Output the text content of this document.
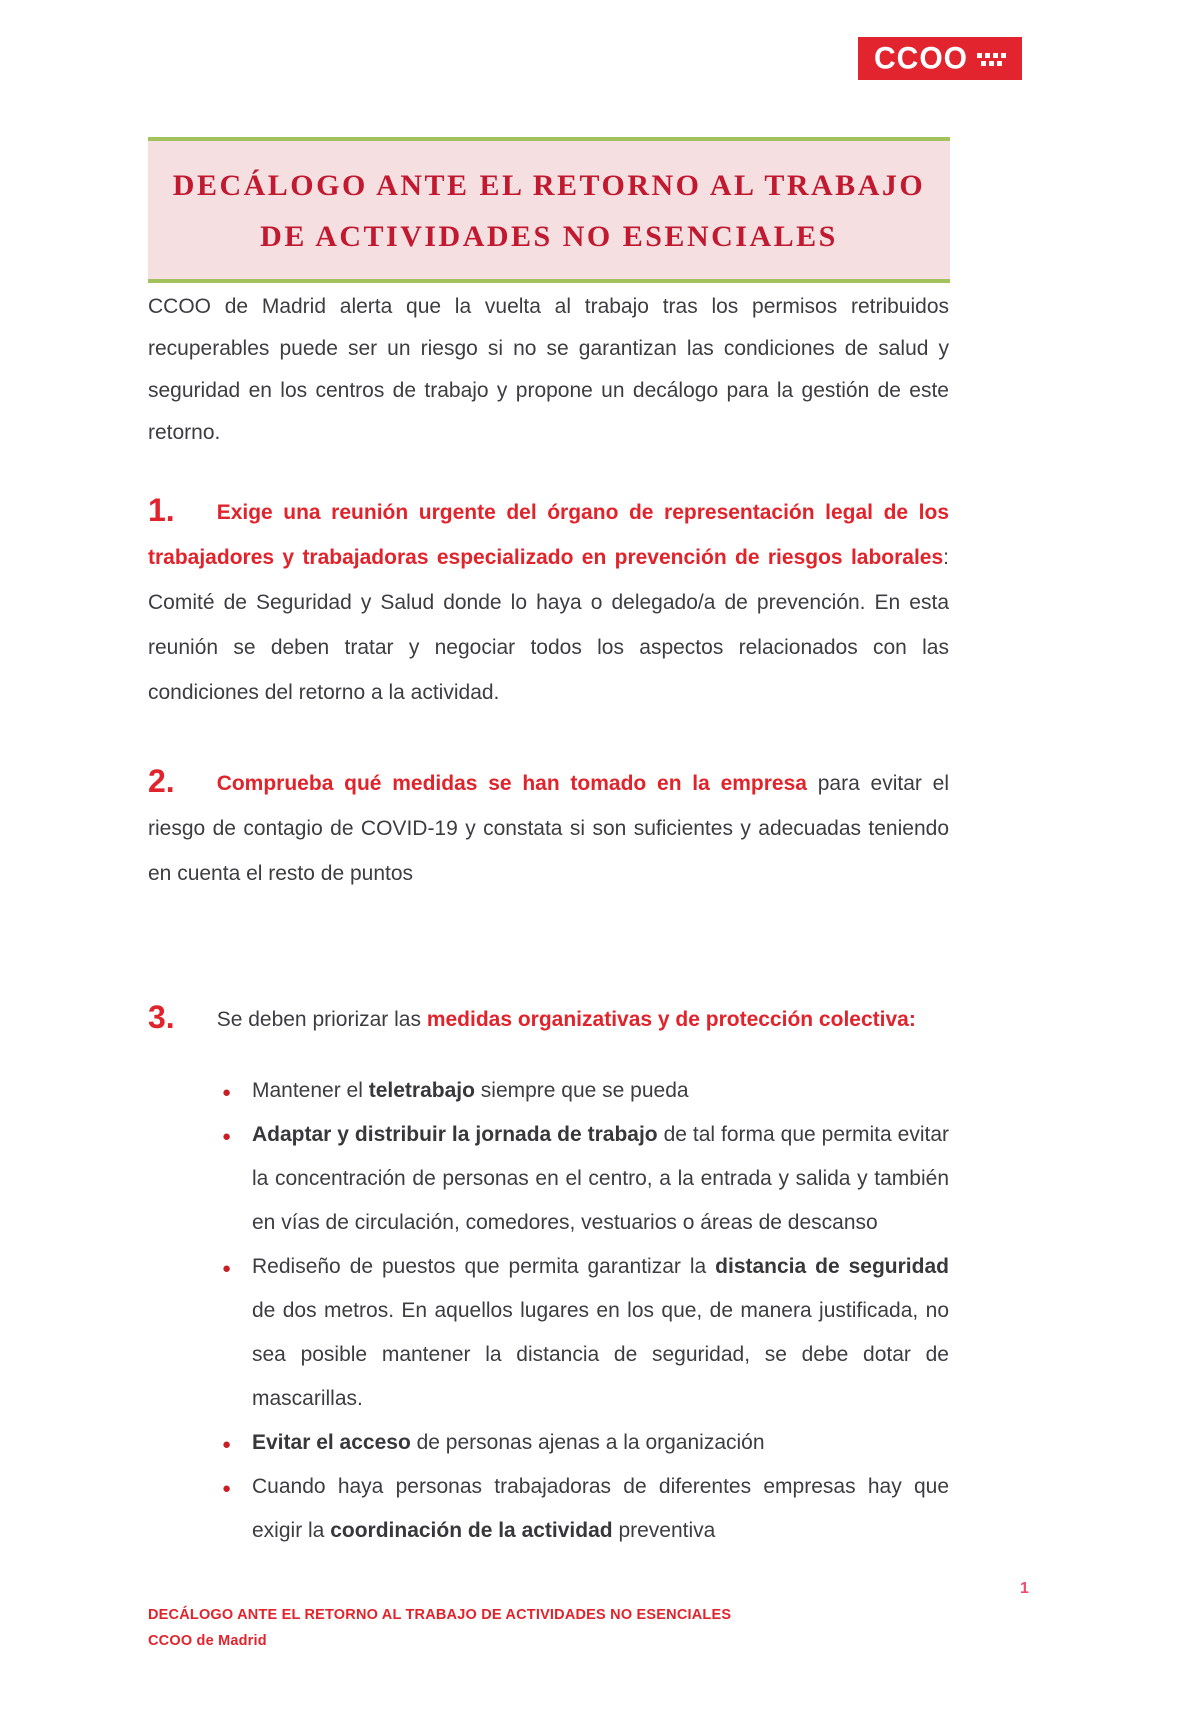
CCOO
DECÁLOGO ANTE EL RETORNO AL TRABAJO
DE ACTIVIDADES NO ESENCIALES

CCOO de Madrid alerta que la vuelta al trabajo tras los permisos retribuidos recuperables puede ser un riesgo si no se garantizan las condiciones de salud y seguridad en los centros de trabajo y propone un decálogo para la gestión de este retorno.

1. Exige una reunión urgente del órgano de representación legal de los trabajadores y trabajadoras especializado en prevención de riesgos laborales: Comité de Seguridad y Salud donde lo haya o delegado/a de prevención. En esta reunión se deben tratar y negociar todos los aspectos relacionados con las condiciones del retorno a la actividad.

2. Comprueba qué medidas se han tomado en la empresa para evitar el riesgo de contagio de COVID-19 y constata si son suficientes y adecuadas teniendo en cuenta el resto de puntos

3. Se deben priorizar las medidas organizativas y de protección colectiva:

●
Mantener el teletrabajo siempre que se pueda
●
Adaptar y distribuir la jornada de trabajo de tal forma que permita evitar la concentración de personas en el centro, a la entrada y salida y también en vías de circulación, comedores, vestuarios o áreas de descanso
●
Rediseño de puestos que permita garantizar la distancia de seguridad de dos metros. En aquellos lugares en los que, de manera justificada, no sea posible mantener la distancia de seguridad, se debe dotar de mascarillas.
●
Evitar el acceso de personas ajenas a la organización
●
Cuando haya personas trabajadoras de diferentes empresas hay que exigir la coordinación de la actividad preventiva
1
DECÁLOGO ANTE EL RETORNO AL TRABAJO DE ACTIVIDADES NO ESENCIALES
CCOO de Madrid
